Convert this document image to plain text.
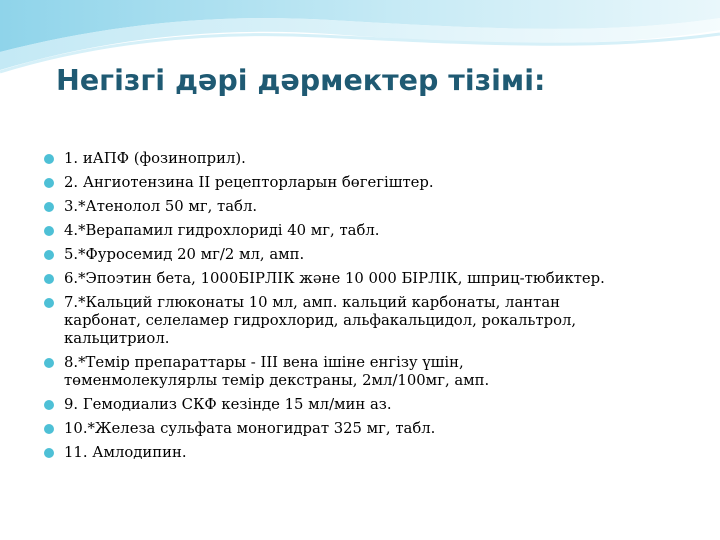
Негізгі дәрі дәрмектер тізімі:
1. иАПФ (фозиноприл).
2. Ангиотензина II рецепторларын бөгегіштер.
3.*Атенолол 50 мг, табл.
4.*Верапамил гидрохлориді 40 мг, табл.
5.*Фуросемид 20 мг/2 мл, амп.
6.*Эпоэтин бета, 1000БІРЛІК және 10 000 БІРЛІК, шприц-тюбиктер.
7.*Кальций глюконаты 10 мл, амп. кальций карбонаты, лантан
карбонат, селеламер гидрохлорид, альфакальцидол, рокальтрол,
кальцитриол.
8.*Темір препараттары - ІІІ вена ішіне енгізу үшін,
төменмолекулярлы темір декстраны, 2мл/100мг, амп.
9. Гемодиализ СКФ кезінде 15 мл/мин аз.
10.*Железа сульфата моногидрат 325 мг, табл.
11. Амлодипин.
